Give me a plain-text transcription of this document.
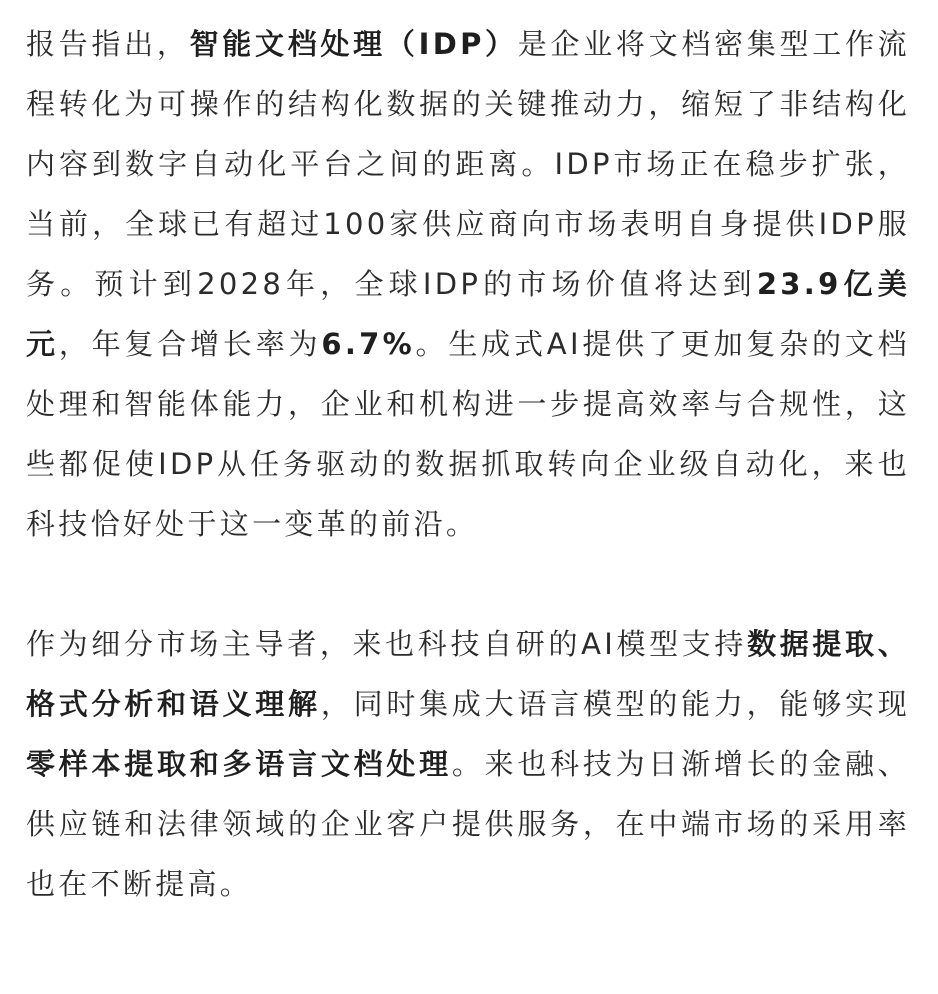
报告指出，智能文档处理（IDP）是企业将文档密集型工作流程转化为可操作的结构化数据的关键推动力，缩短了非结构化内容到数字自动化平台之间的距离。IDP市场正在稳步扩张，当前，全球已有超过100家供应商向市场表明自身提供IDP服务。预计到2028年，全球IDP的市场价值将达到23.9亿美元，年复合增长率为6.7%。生成式AI提供了更加复杂的文档处理和智能体能力，企业和机构进一步提高效率与合规性，这些都促使IDP从任务驱动的数据抓取转向企业级自动化，来也科技恰好处于这一变革的前沿。

作为细分市场主导者，来也科技自研的AI模型支持数据提取、格式分析和语义理解，同时集成大语言模型的能力，能够实现零样本提取和多语言文档处理。来也科技为日渐增长的金融、供应链和法律领域的企业客户提供服务，在中端市场的采用率也在不断提高。
